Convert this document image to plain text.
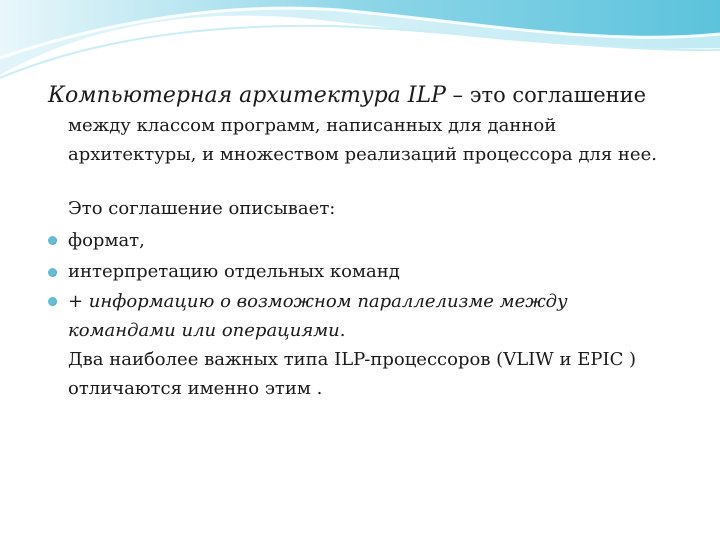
Компьютерная архитектура ILP – это соглашение
между классом программ, написанных для данной
архитектуры, и множеством реализаций процессора для нее.
Это соглашение описывает:
формат,
интерпретацию отдельных команд
+ информацию о возможном параллелизме между
командами или операциями.
Два наиболее важных типа ILP-процессоров (VLIW и EPIC )
отличаются именно этим .
